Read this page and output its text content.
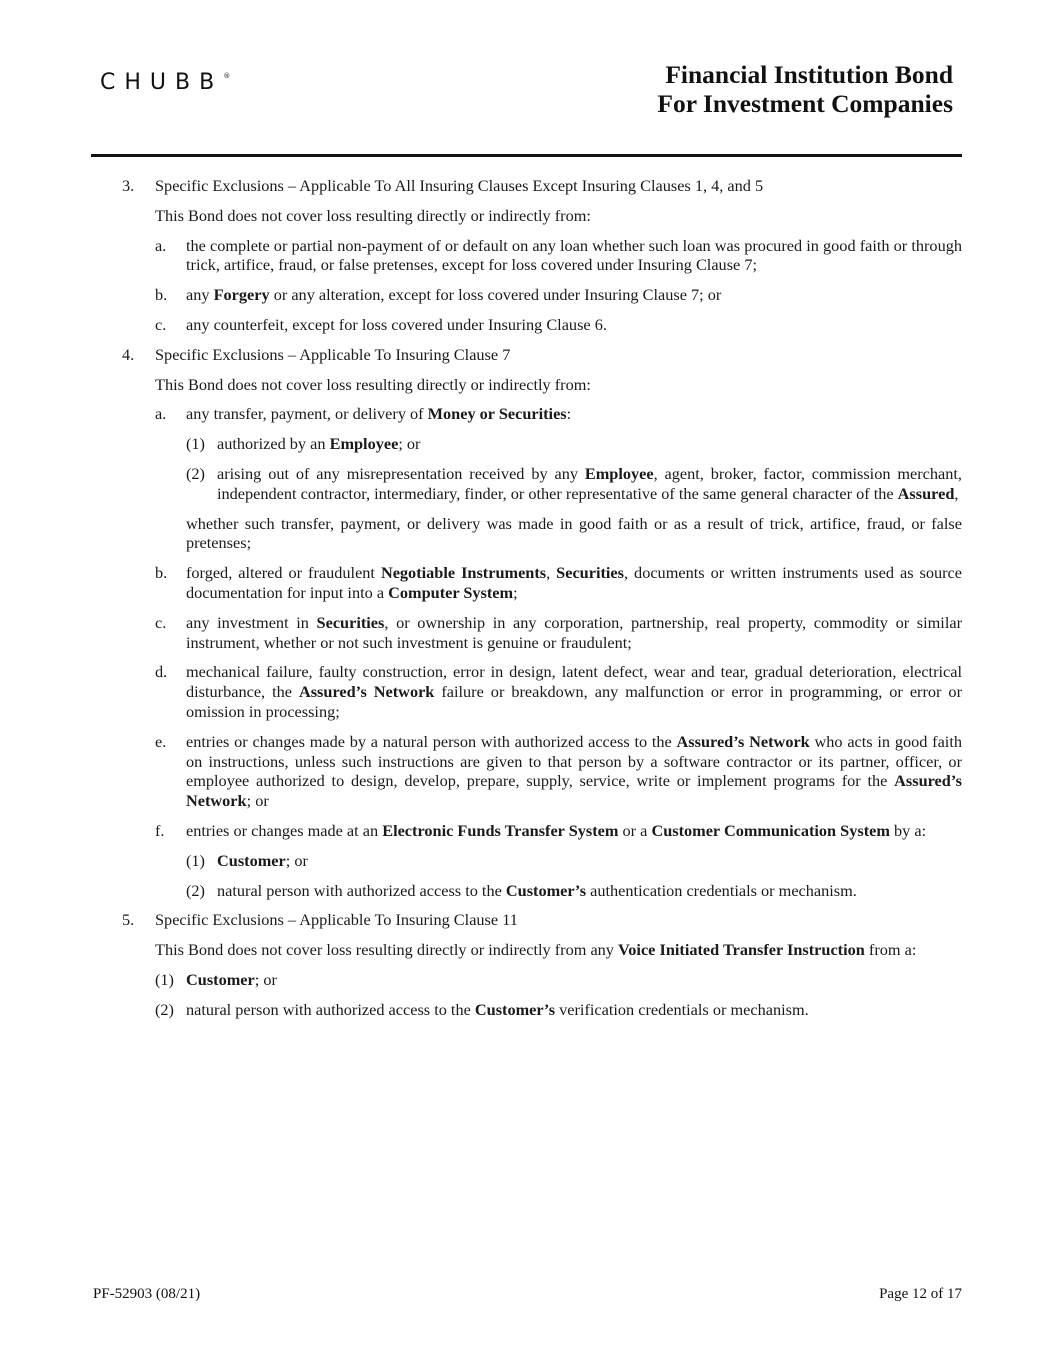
CHUBB®	Financial Institution Bond
For Investment Companies
3.	Specific Exclusions – Applicable To All Insuring Clauses Except Insuring Clauses 1, 4, and 5
This Bond does not cover loss resulting directly or indirectly from:
a.	the complete or partial non-payment of or default on any loan whether such loan was procured in good faith or through trick, artifice, fraud, or false pretenses, except for loss covered under Insuring Clause 7;
b.	any Forgery or any alteration, except for loss covered under Insuring Clause 7; or
c.	any counterfeit, except for loss covered under Insuring Clause 6.
4.	Specific Exclusions – Applicable To Insuring Clause 7
This Bond does not cover loss resulting directly or indirectly from:
a.	any transfer, payment, or delivery of Money or Securities:
(1) authorized by an Employee; or
(2) arising out of any misrepresentation received by any Employee, agent, broker, factor, commission merchant, independent contractor, intermediary, finder, or other representative of the same general character of the Assured,
whether such transfer, payment, or delivery was made in good faith or as a result of trick, artifice, fraud, or false pretenses;
b.	forged, altered or fraudulent Negotiable Instruments, Securities, documents or written instruments used as source documentation for input into a Computer System;
c.	any investment in Securities, or ownership in any corporation, partnership, real property, commodity or similar instrument, whether or not such investment is genuine or fraudulent;
d.	mechanical failure, faulty construction, error in design, latent defect, wear and tear, gradual deterioration, electrical disturbance, the Assured’s Network failure or breakdown, any malfunction or error in programming, or error or omission in processing;
e.	entries or changes made by a natural person with authorized access to the Assured’s Network who acts in good faith on instructions, unless such instructions are given to that person by a software contractor or its partner, officer, or employee authorized to design, develop, prepare, supply, service, write or implement programs for the Assured’s Network; or
f.	entries or changes made at an Electronic Funds Transfer System or a Customer Communication System by a:
(1) Customer; or
(2) natural person with authorized access to the Customer’s authentication credentials or mechanism.
5.	Specific Exclusions – Applicable To Insuring Clause 11
This Bond does not cover loss resulting directly or indirectly from any Voice Initiated Transfer Instruction from a:
(1) Customer; or
(2) natural person with authorized access to the Customer’s verification credentials or mechanism.
PF-52903 (08/21)	Page 12 of 17
